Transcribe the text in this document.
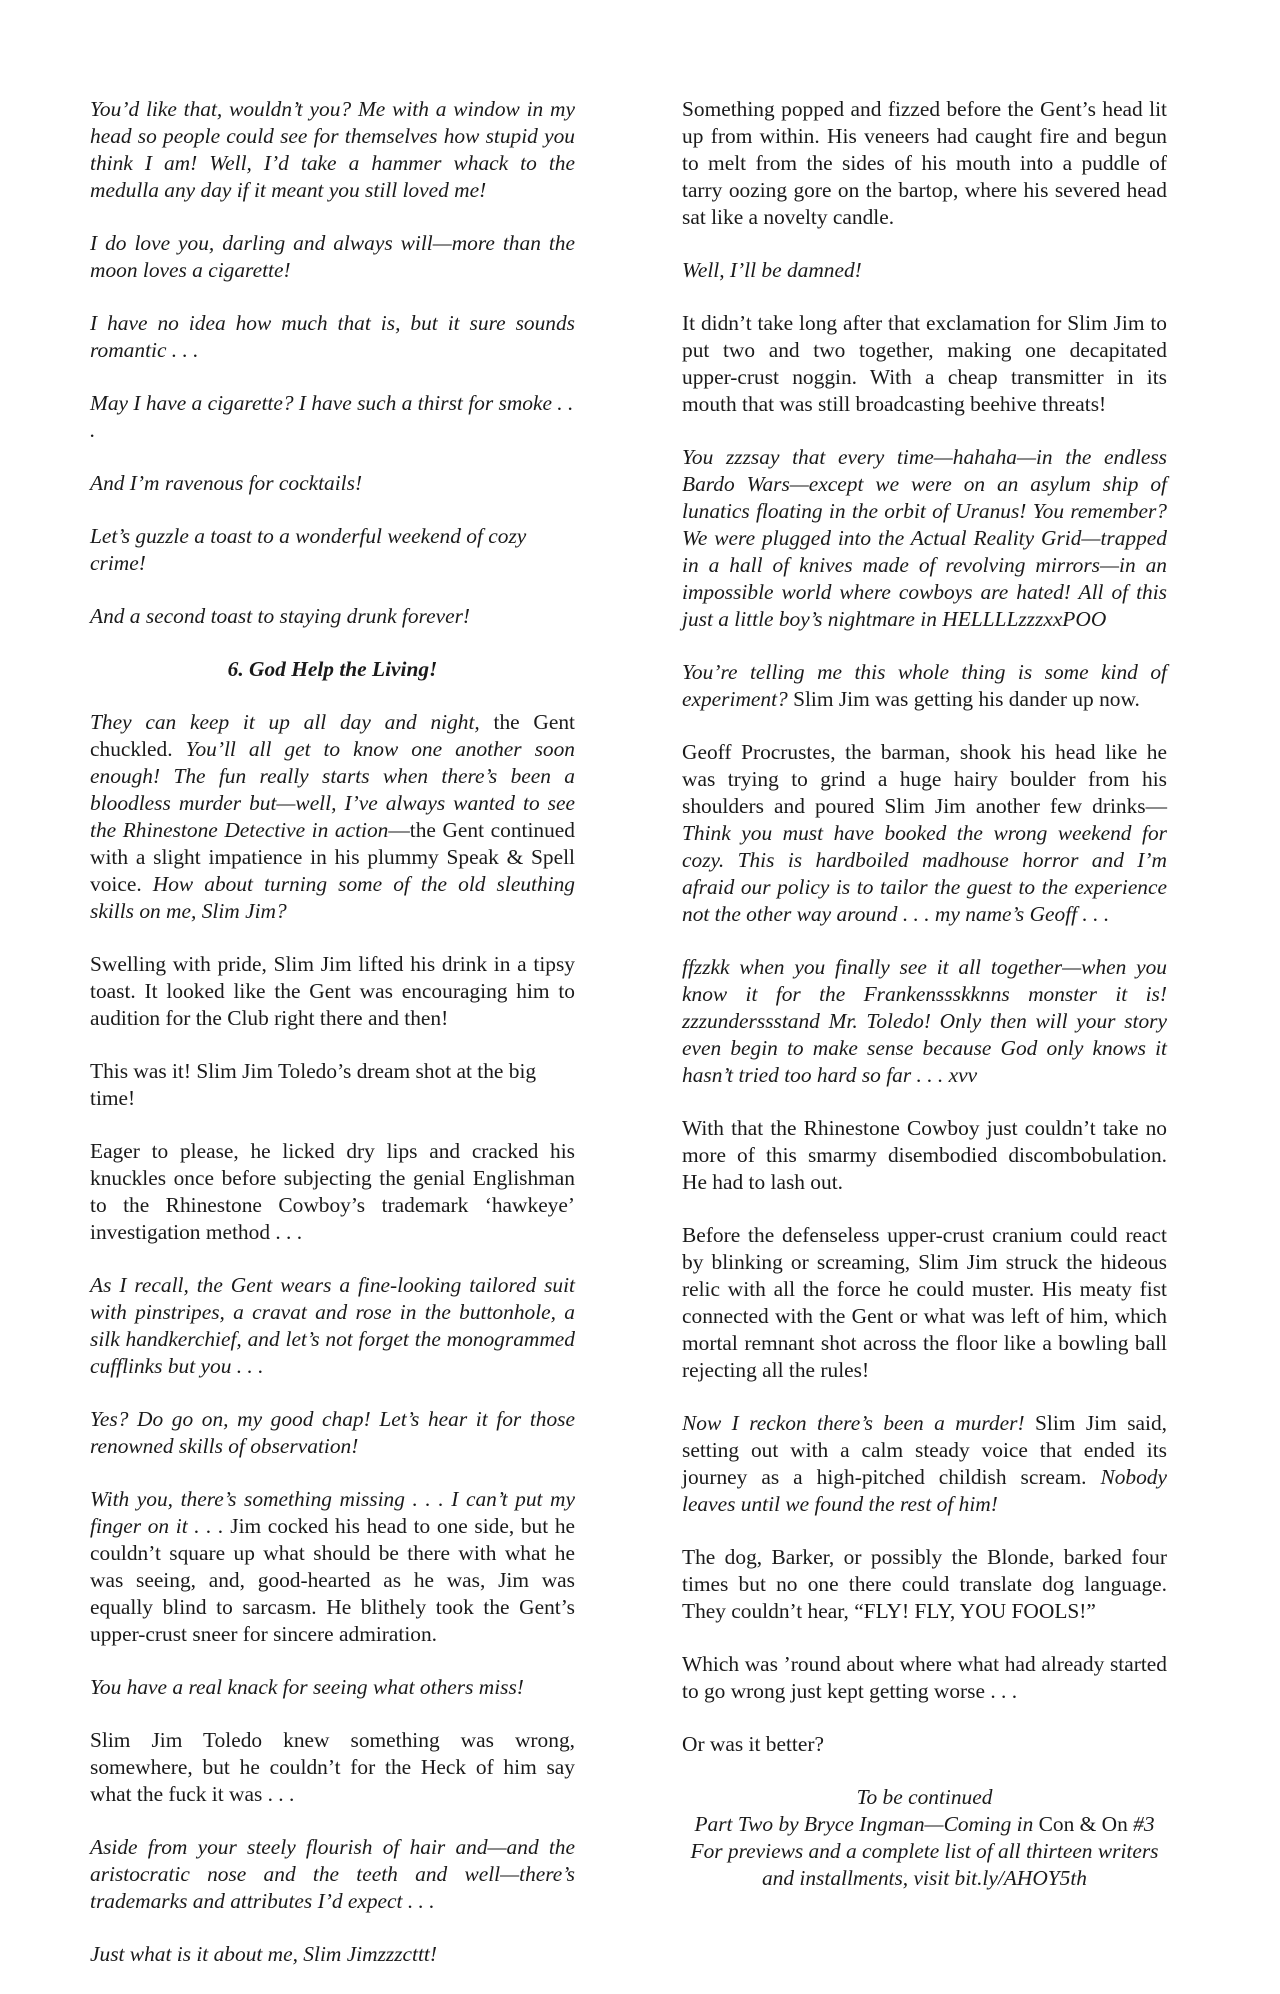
You’d like that, wouldn’t you? Me with a window in my head so people could see for themselves how stupid you think I am! Well, I’d take a hammer whack to the medulla any day if it meant you still loved me!

I do love you, darling and always will—more than the moon loves a cigarette!

I have no idea how much that is, but it sure sounds romantic . . .

May I have a cigarette? I have such a thirst for smoke . . .

And I’m ravenous for cocktails!

Let’s guzzle a toast to a wonderful weekend of cozy crime!

And a second toast to staying drunk forever!

6. God Help the Living!

They can keep it up all day and night, the Gent chuckled. You’ll all get to know one another soon enough! The fun really starts when there’s been a bloodless murder but—well, I’ve always wanted to see the Rhinestone Detective in action—the Gent continued with a slight impatience in his plummy Speak & Spell voice. How about turning some of the old sleuthing skills on me, Slim Jim?

Swelling with pride, Slim Jim lifted his drink in a tipsy toast. It looked like the Gent was encouraging him to audition for the Club right there and then!

This was it! Slim Jim Toledo’s dream shot at the big time!

Eager to please, he licked dry lips and cracked his knuckles once before subjecting the genial Englishman to the Rhinestone Cowboy’s trademark ‘hawkeye’ investigation method . . .

As I recall, the Gent wears a fine-looking tailored suit with pinstripes, a cravat and rose in the buttonhole, a silk handkerchief, and let’s not forget the monogrammed cufflinks but you . . .

Yes? Do go on, my good chap! Let’s hear it for those renowned skills of observation!

With you, there’s something missing . . . I can’t put my finger on it . . . Jim cocked his head to one side, but he couldn’t square up what should be there with what he was seeing, and, good-hearted as he was, Jim was equally blind to sarcasm. He blithely took the Gent’s upper-crust sneer for sincere admiration.

You have a real knack for seeing what others miss!

Slim Jim Toledo knew something was wrong, somewhere, but he couldn’t for the Heck of him say what the fuck it was . . .

Aside from your steely flourish of hair and—and the aristocratic nose and the teeth and well—there’s trademarks and attributes I’d expect . . .

Just what is it about me, Slim Jimzzzcttt!

Something popped and fizzed before the Gent’s head lit up from within. His veneers had caught fire and begun to melt from the sides of his mouth into a puddle of tarry oozing gore on the bartop, where his severed head sat like a novelty candle.

Well, I’ll be damned!

It didn’t take long after that exclamation for Slim Jim to put two and two together, making one decapitated upper-crust noggin. With a cheap transmitter in its mouth that was still broadcasting beehive threats!

You zzzsay that every time—hahaha—in the endless Bardo Wars—except we were on an asylum ship of lunatics floating in the orbit of Uranus! You remember? We were plugged into the Actual Reality Grid—trapped in a hall of knives made of revolving mirrors—in an impossible world where cowboys are hated! All of this just a little boy’s nightmare in HELLLLzzzxxPOO

You’re telling me this whole thing is some kind of experiment? Slim Jim was getting his dander up now.

Geoff Procrustes, the barman, shook his head like he was trying to grind a huge hairy boulder from his shoulders and poured Slim Jim another few drinks—Think you must have booked the wrong weekend for cozy. This is hardboiled madhouse horror and I’m afraid our policy is to tailor the guest to the experience not the other way around . . . my name’s Geoff . . .

ffzzkk when you finally see it all together—when you know it for the Frankenssskknns monster it is! zzzunderssstand Mr. Toledo! Only then will your story even begin to make sense because God only knows it hasn’t tried too hard so far . . . xvv

With that the Rhinestone Cowboy just couldn’t take no more of this smarmy disembodied discombobulation. He had to lash out.

Before the defenseless upper-crust cranium could react by blinking or screaming, Slim Jim struck the hideous relic with all the force he could muster. His meaty fist connected with the Gent or what was left of him, which mortal remnant shot across the floor like a bowling ball rejecting all the rules!

Now I reckon there’s been a murder! Slim Jim said, setting out with a calm steady voice that ended its journey as a high-pitched childish scream. Nobody leaves until we found the rest of him!

The dog, Barker, or possibly the Blonde, barked four times but no one there could translate dog language. They couldn’t hear, “FLY! FLY, YOU FOOLS!”

Which was ’round about where what had already started to go wrong just kept getting worse . . .

Or was it better?

To be continued

Part Two by Bryce Ingman—Coming in Con & On #3

For previews and a complete list of all thirteen writers and installments, visit bit.ly/AHOY5th
